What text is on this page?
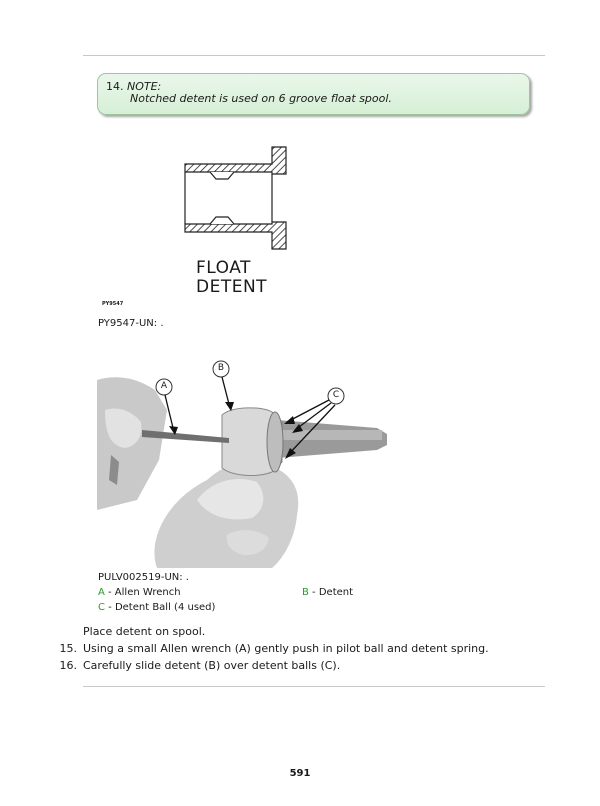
14. NOTE:
Notched detent is used on 6 groove float spool.
FLOAT
DETENT
PY9547
PY9547-UN: .
A
B
C
PULV002519-UN: .
A - Allen Wrench	B - Detent
C - Detent Ball (4 used)
Place detent on spool.
15. Using a small Allen wrench (A) gently push in pilot ball and detent spring.
16. Carefully slide detent (B) over detent balls (C).
591
